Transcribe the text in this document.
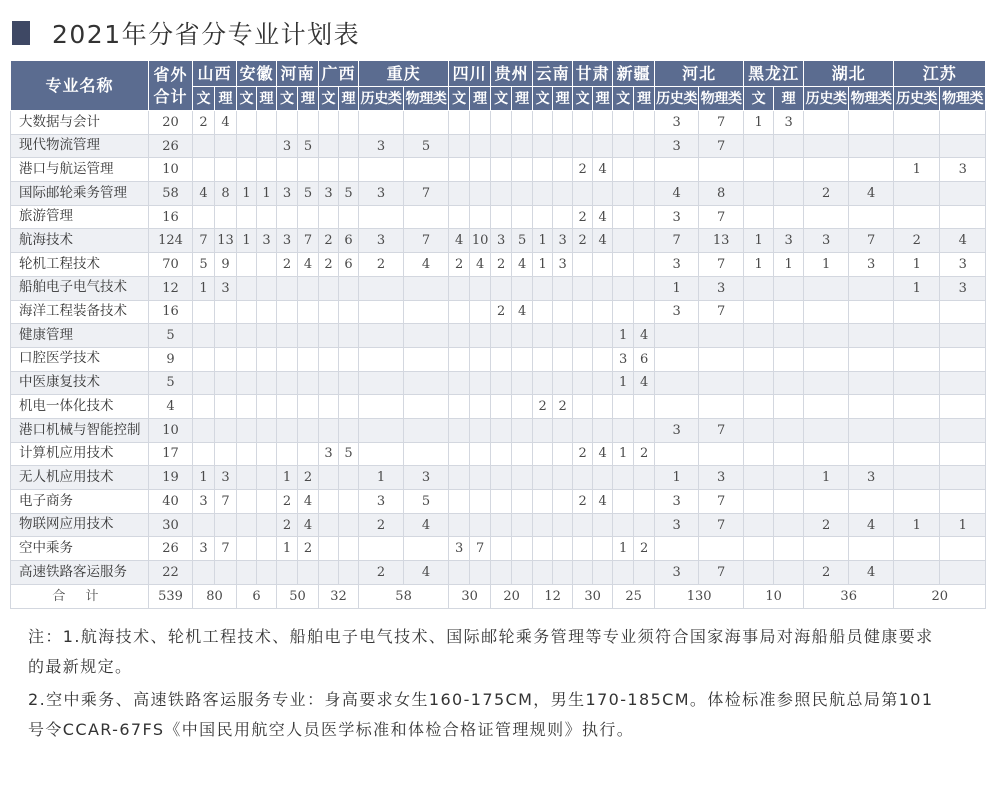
2021年分省分专业计划表
专业名称	省外
合计	山西		安徽		河南		广西		重庆		四川		贵州		云南		甘肃		新疆		河北		黑龙江		湖北		江苏	
		文	理	文	理	文	理	文	理	历史类	物理类	文	理	文	理	文	理	文	理	文	理	历史类	物理类	文	理	历史类	物理类	历史类	物理类
大数据与会计	20	2	4																			3	7	1	3				
现代物流管理	26					3	5			3	5											3	7						
港口与航运管理	10																	2	4									1	3
国际邮轮乘务管理	58	4	8	1	1	3	5	3	5	3	7											4	8			2	4		
旅游管理	16																	2	4			3	7						
航海技术	124	7	13	1	3	3	7	2	6	3	7	4	10	3	5	1	3	2	4			7	13	1	3	3	7	2	4
轮机工程技术	70	5	9			2	4	2	6	2	4	2	4	2	4	1	3					3	7	1	1	1	3	1	3
船舶电子电气技术	12	1	3																			1	3					1	3
海洋工程装备技术	16													2	4							3	7						
健康管理	5																			1	4								
口腔医学技术	9																			3	6								
中医康复技术	5																			1	4								
机电一体化技术	4															2	2												
港口机械与智能控制	10																					3	7						
计算机应用技术	17							3	5									2	4	1	2								
无人机应用技术	19	1	3			1	2			1	3											1	3			1	3		
电子商务	40	3	7			2	4			3	5							2	4			3	7						
物联网应用技术	30					2	4			2	4											3	7			2	4	1	1
空中乘务	26	3	7			1	2					3	7							1	2								
高速铁路客运服务	22									2	4											3	7			2	4		
合 计	539	80		6		50		32		58		30		20		12		30		25		130		10		36		20	
注：1.航海技术、轮机工程技术、船舶电子电气技术、国际邮轮乘务管理等专业须符合国家海事局对海船船员健康要求
的最新规定。
2.空中乘务、高速铁路客运服务专业：身高要求女生160-175CM，男生170-185CM。体检标准参照民航总局第101
号令CCAR-67FS《中国民用航空人员医学标准和体检合格证管理规则》执行。
